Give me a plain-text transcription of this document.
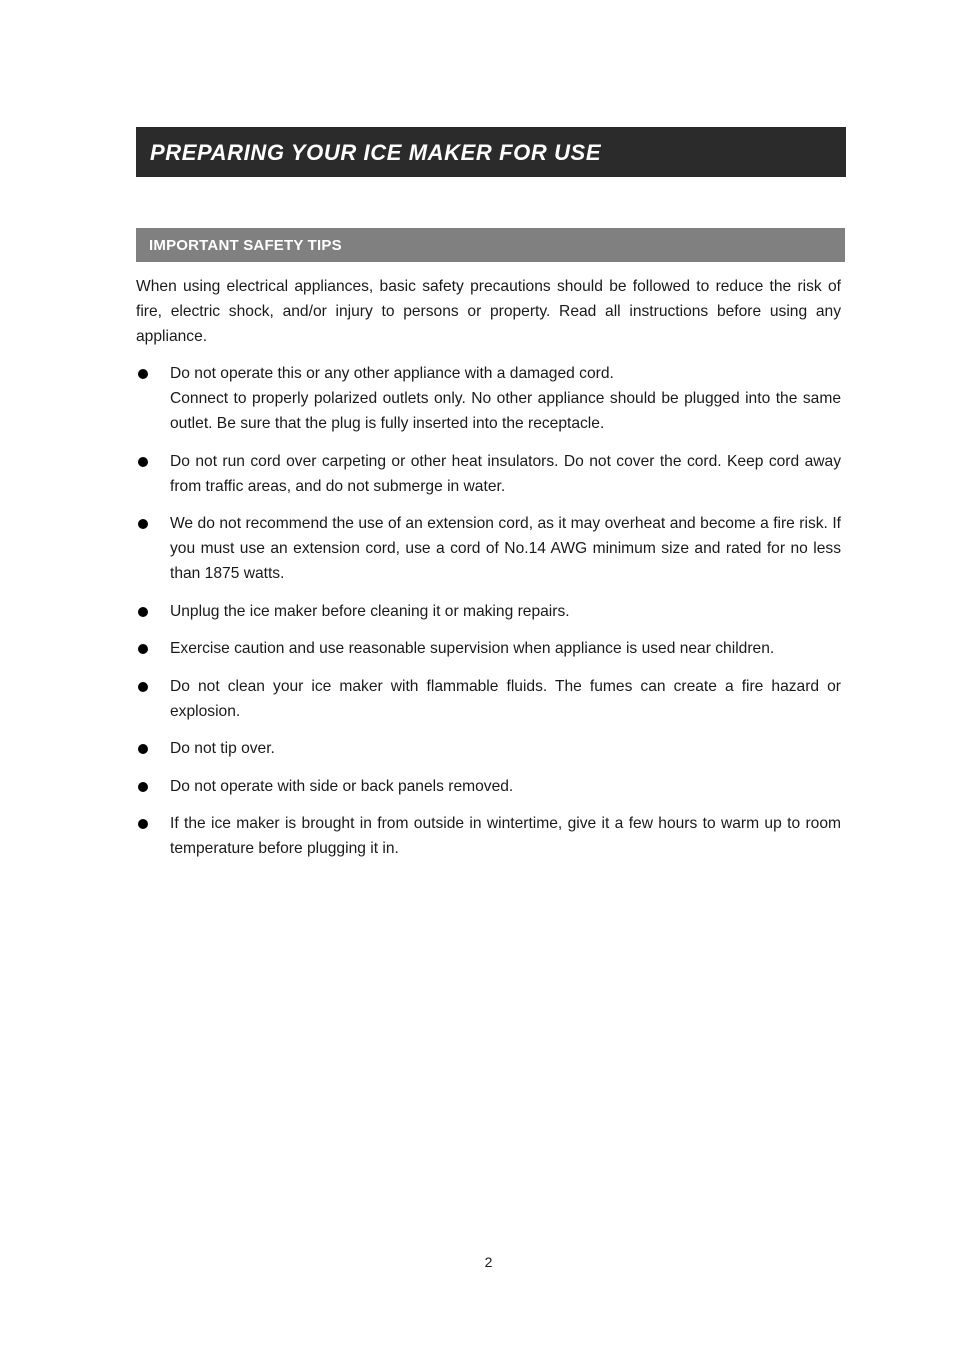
PREPARING YOUR ICE MAKER FOR USE
IMPORTANT SAFETY TIPS

When using electrical appliances, basic safety precautions should be followed to reduce the risk of fire, electric shock, and/or injury to persons or property. Read all instructions before using any appliance.

Do not operate this or any other appliance with a damaged cord.
Connect to properly polarized outlets only. No other appliance should be plugged into the same outlet. Be sure that the plug is fully inserted into the receptacle.
Do not run cord over carpeting or other heat insulators. Do not cover the cord. Keep cord away from traffic areas, and do not submerge in water.
We do not recommend the use of an extension cord, as it may overheat and become a fire risk. If you must use an extension cord, use a cord of No.14 AWG minimum size and rated for no less than 1875 watts.
Unplug the ice maker before cleaning it or making repairs.
Exercise caution and use reasonable supervision when appliance is used near children.
Do not clean your ice maker with flammable fluids. The fumes can create a fire hazard or explosion.
Do not tip over.
Do not operate with side or back panels removed.
If the ice maker is brought in from outside in wintertime, give it a few hours to warm up to room temperature before plugging it in.
2
